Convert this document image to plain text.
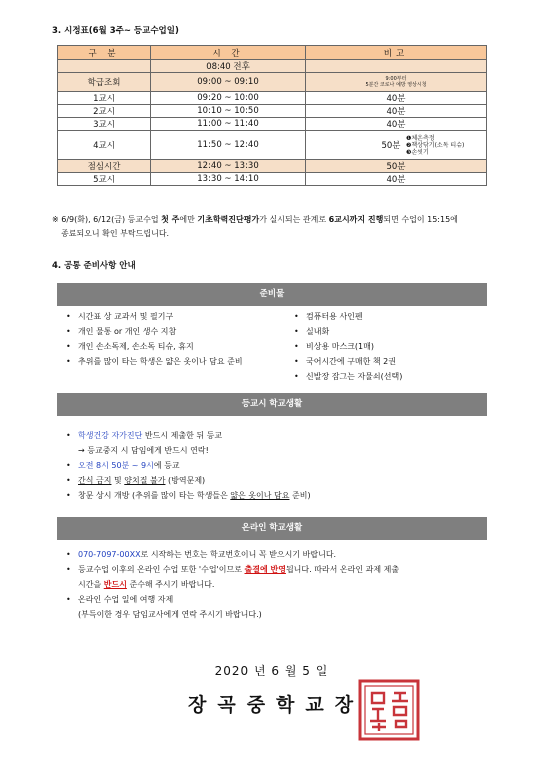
3. 시정표(6월 3주~ 등교수업일)
구 분	시 간	비고
	08:40 전후	
학급조회	09:00 ~ 09:10	9:00부터
5분간 코로나 예방 영상시청

1교시	09:20 ~ 10:00	40분
2교시	10:10 ~ 10:50	40분
3교시	11:00 ~ 11:40	40분
4교시	11:50 ~ 12:40	50분
❶체온측정
❷책상닦기(소독 티슈)
❸손씻기

점심시간	12:40 ~ 13:30	50분
5교시	13:30 ~ 14:10	40분
※ 6/9(화), 6/12(금) 등교수업 첫 주에만 기초학력진단평가가 실시되는 관계로 6교시까지 진행되면 수업이 15:15에
종료되오니 확인 부탁드립니다.
4. 공통 준비사항 안내
준비물
• 시간표 상 교과서 및 필기구
• 개인 물통 or 개인 생수 지참
• 개인 손소독제, 손소독 티슈, 휴지
• 추위를 많이 타는 학생은 얇은 옷이나 담요 준비
• 컴퓨터용 사인펜
• 실내화
• 비상용 마스크(1매)
• 국어시간에 구매한 책 2권
• 신발장 잠그는 자물쇠(선택)
등교시 학교생활
• 학생건강 자가진단 반드시 제출한 뒤 등교
→ 등교중지 시 담임에게 반드시 연락!
• 오전 8시 50분 ~ 9시에 등교
• 간식 금지 및 양치질 불가 (방역문제)
• 창문 상시 개방 (추위를 많이 타는 학생들은 얇은 옷이나 담요 준비)
온라인 학교생활
• 070-7097-00XX로 시작하는 번호는 학교번호이니 꼭 받으시기 바랍니다.
• 등교수업 이후의 온라인 수업 또한 '수업'이므로 출결에 반영됩니다. 따라서 온라인 과제 제출
시간을 반드시 준수해 주시기 바랍니다.
• 온라인 수업 일에 여행 자제
(부득이한 경우 담임교사에게 연락 주시기 바랍니다.)
2020 년 6 월 5 일
장곡중학교장
